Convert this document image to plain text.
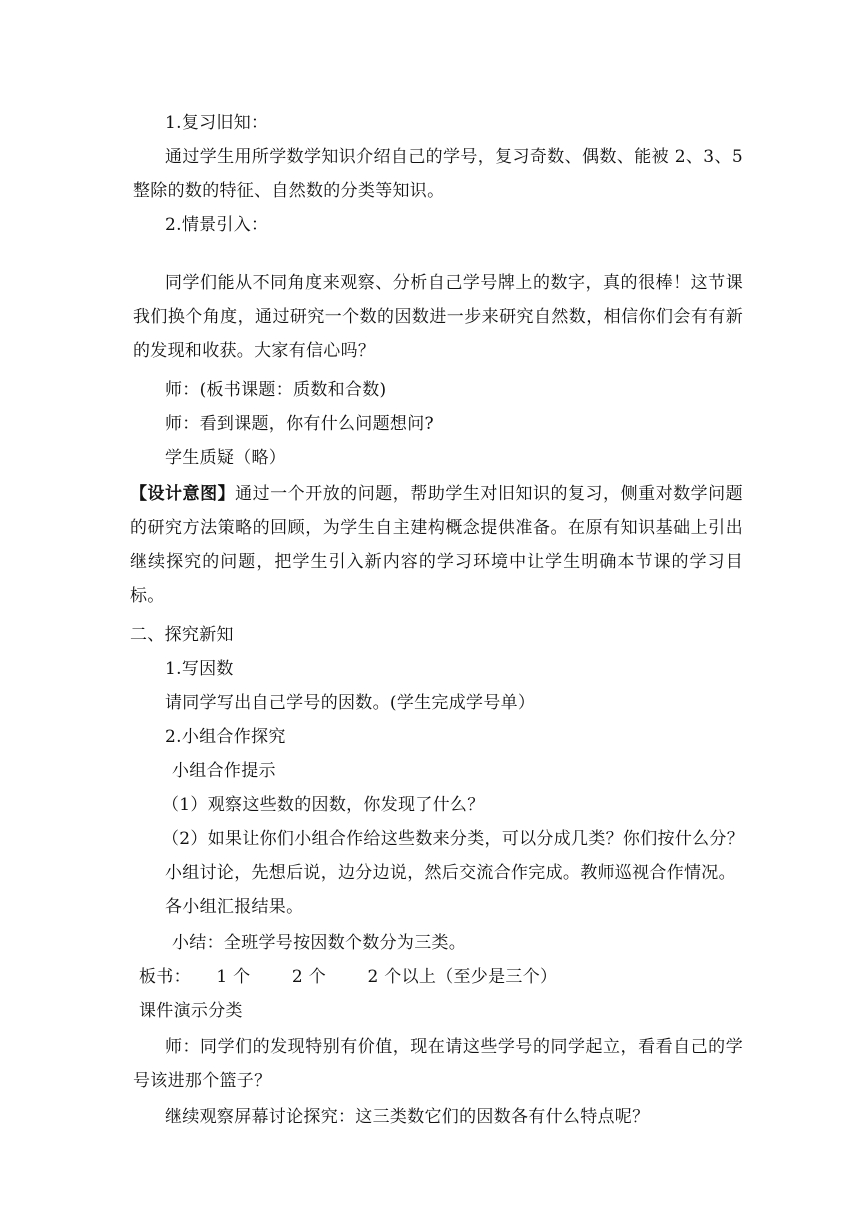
1.复习旧知：
通过学生用所学数学知识介绍自己的学号，复习奇数、偶数、能被 2、3、5
整除的数的特征、自然数的分类等知识。
2.情景引入：
同学们能从不同角度来观察、分析自己学号牌上的数字，真的很棒！这节课
我们换个角度，通过研究一个数的因数进一步来研究自然数，相信你们会有有新
的发现和收获。大家有信心吗？
师：(板书课题：质数和合数)
师：看到课题，你有什么问题想问?
学生质疑（略）
【设计意图】通过一个开放的问题，帮助学生对旧知识的复习，侧重对数学问题
的研究方法策略的回顾，为学生自主建构概念提供准备。在原有知识基础上引出
继续探究的问题，把学生引入新内容的学习环境中让学生明确本节课的学习目
标。
二、探究新知
1.写因数
请同学写出自己学号的因数。(学生完成学号单）
2.小组合作探究
小组合作提示
（1）观察这些数的因数，你发现了什么？
（2）如果让你们小组合作给这些数来分类，可以分成几类？你们按什么分？
小组讨论，先想后说，边分边说，然后交流合作完成。教师巡视合作情况。
各小组汇报结果。
小结：全班学号按因数个数分为三类。
板书： 1 个 2 个 2 个以上（至少是三个）
课件演示分类
师：同学们的发现特别有价值，现在请这些学号的同学起立，看看自己的学
号该进那个篮子？
继续观察屏幕讨论探究：这三类数它们的因数各有什么特点呢？
